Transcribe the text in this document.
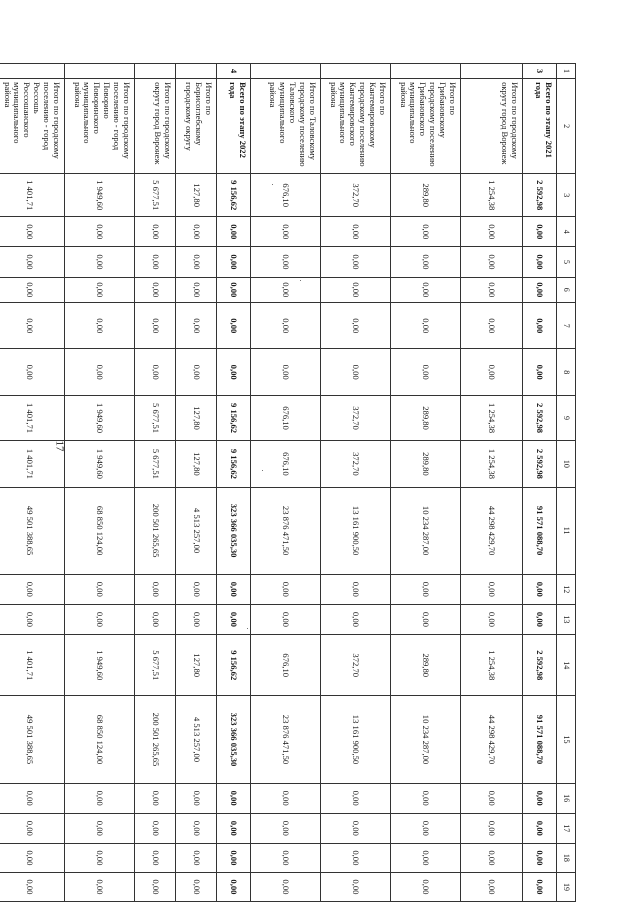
17
1	2	3	4	5	6	7	8	9	10	11	12	13	14	15	16	17	18	19
3	Всего по этапу 2021 года	2 592,98	0,00	0,00	0,00	0,00	0,00	2 592,98	2 592,98	91 571 088,70	0,00	0,00	2 592,98	91 571 088,70	0,00	0,00	0,00	0,00
	Итого по городскому округу город Воронеж	1 254,38	0,00	0,00	0,00	0,00	0,00	1 254,38	1 254,38	44 298 429,70	0,00	0,00	1 254,38	44 298 429,70	0,00	0,00	0,00	0,00
	Итого по Грибановскому городскому поселению Грибановского муниципального района	289,80	0,00	0,00	0,00	0,00	0,00	289,80	289,80	10 234 287,00	0,00	0,00	289,80	10 234 287,00	0,00	0,00	0,00	0,00
	Итого по Кантемировскому городскому поселению Кантемировского муниципального района	372,70	0,00	0,00	0,00	0,00	0,00	372,70	372,70	13 161 900,50	0,00	0,00	372,70	13 161 900,50	0,00	0,00	0,00	0,00
	Итого по Таловскому городскому поселению Таловского муниципального района	676,10	0,00	0,00	0,00	0,00	0,00	676,10	676,10	23 876 471,50	0,00	0,00	676,10	23 876 471,50	0,00	0,00	0,00	0,00
4	Всего по этапу 2022 года	9 156,62	0,00	0,00	0,00	0,00	0,00	9 156,62	9 156,62	323 366 035,30	0,00	0,00	9 156,62	323 366 035,30	0,00	0,00	0,00	0,00
	Итого по Борисоглебскому городскому округу	127,80	0,00	0,00	0,00	0,00	0,00	127,80	127,80	4 513 257,00	0,00	0,00	127,80	4 513 257,00	0,00	0,00	0,00	0,00
	Итого по городскому округу город Воронеж	5 677,51	0,00	0,00	0,00	0,00	0,00	5 677,51	5 677,51	200 501 265,65	0,00	0,00	5 677,51	200 501 265,65	0,00	0,00	0,00	0,00
	Итого по городскому поселению - город Поворино Поворинского муниципального района	1 949,60	0,00	0,00	0,00	0,00	0,00	1 949,60	1 949,60	68 850 124,00	0,00	0,00	1 949,60	68 850 124,00	0,00	0,00	0,00	0,00
	Итого по городскому поселению - город Россошь Россошанского муниципального района	1 401,71	0,00	0,00	0,00	0,00	0,00	1 401,71	1 401,71	49 501 388,65	0,00	0,00	1 401,71	49 501 388,65	0,00	0,00	0,00	0,00
